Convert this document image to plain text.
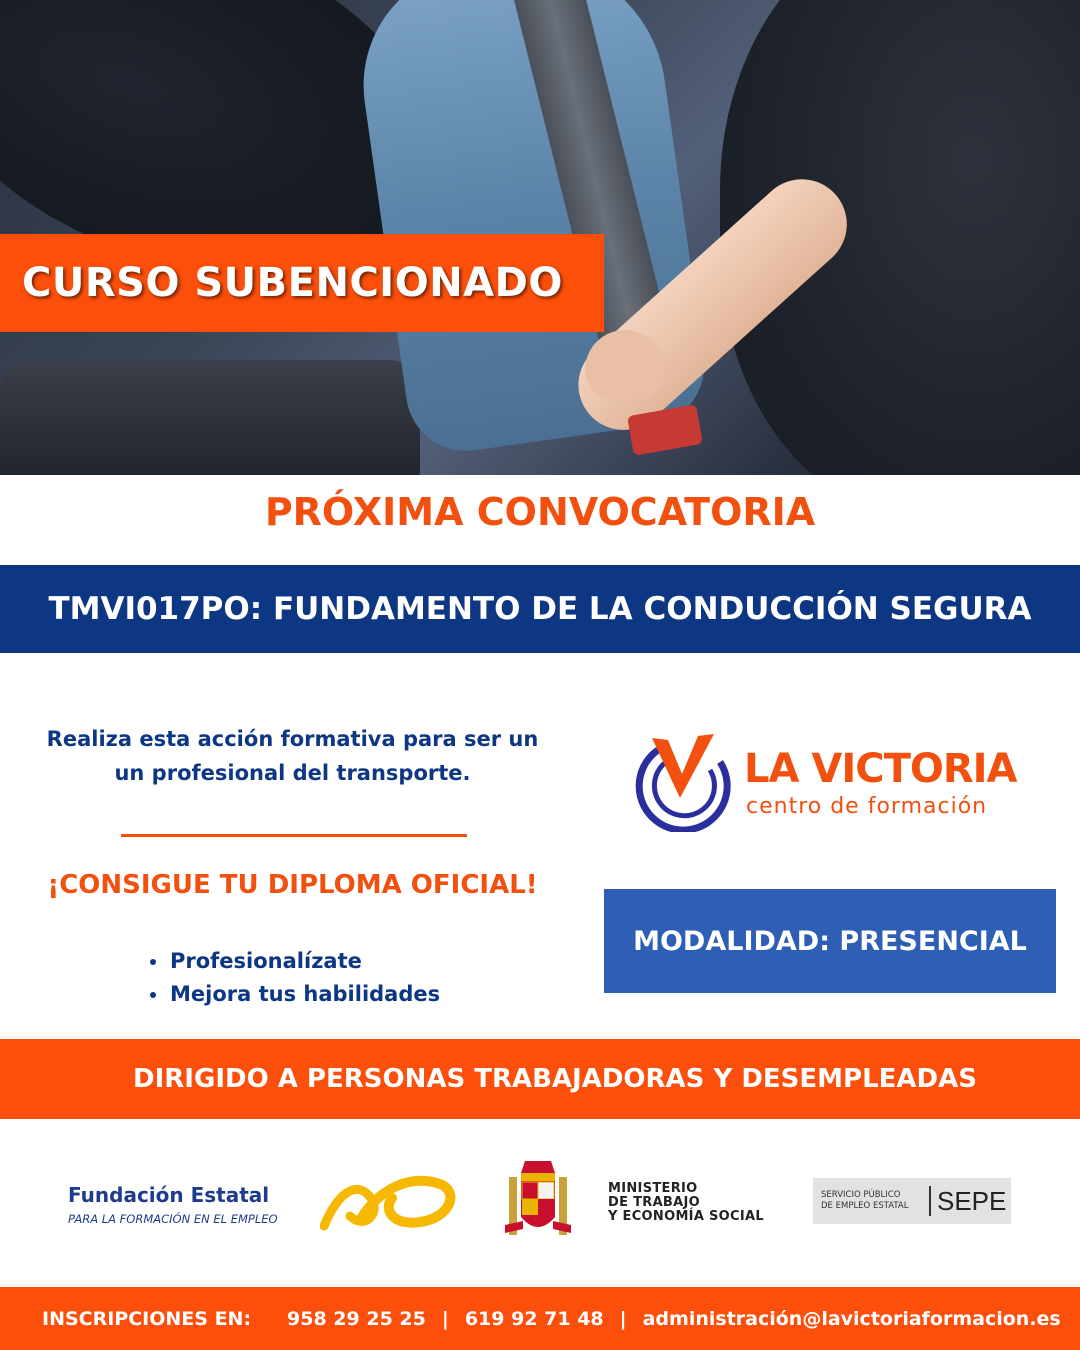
CURSO SUBENCIONADO
PRÓXIMA CONVOCATORIA
TMVI017PO: FUNDAMENTO DE LA CONDUCCIÓN SEGURA
Realiza esta acción formativa para ser un
un profesional del transporte.
¡CONSIGUE TU DIPLOMA OFICIAL!
Profesionalízate
Mejora tus habilidades
LA VICTORIA
centro de formación
MODALIDAD: PRESENCIAL
DIRIGIDO A PERSONAS TRABAJADORAS Y DESEMPLEADAS
Fundación Estatal
PARA LA FORMACIÓN EN EL EMPLEO
MINISTERIO
DE TRABAJO
Y ECONOMÍA SOCIAL
SERVICIO PÚBLICO
DE EMPLEO ESTATAL	SEPE
INSCRIPCIONES EN: 958 29 25 25 | 619 92 71 48 | administración@lavictoriaformacion.es
